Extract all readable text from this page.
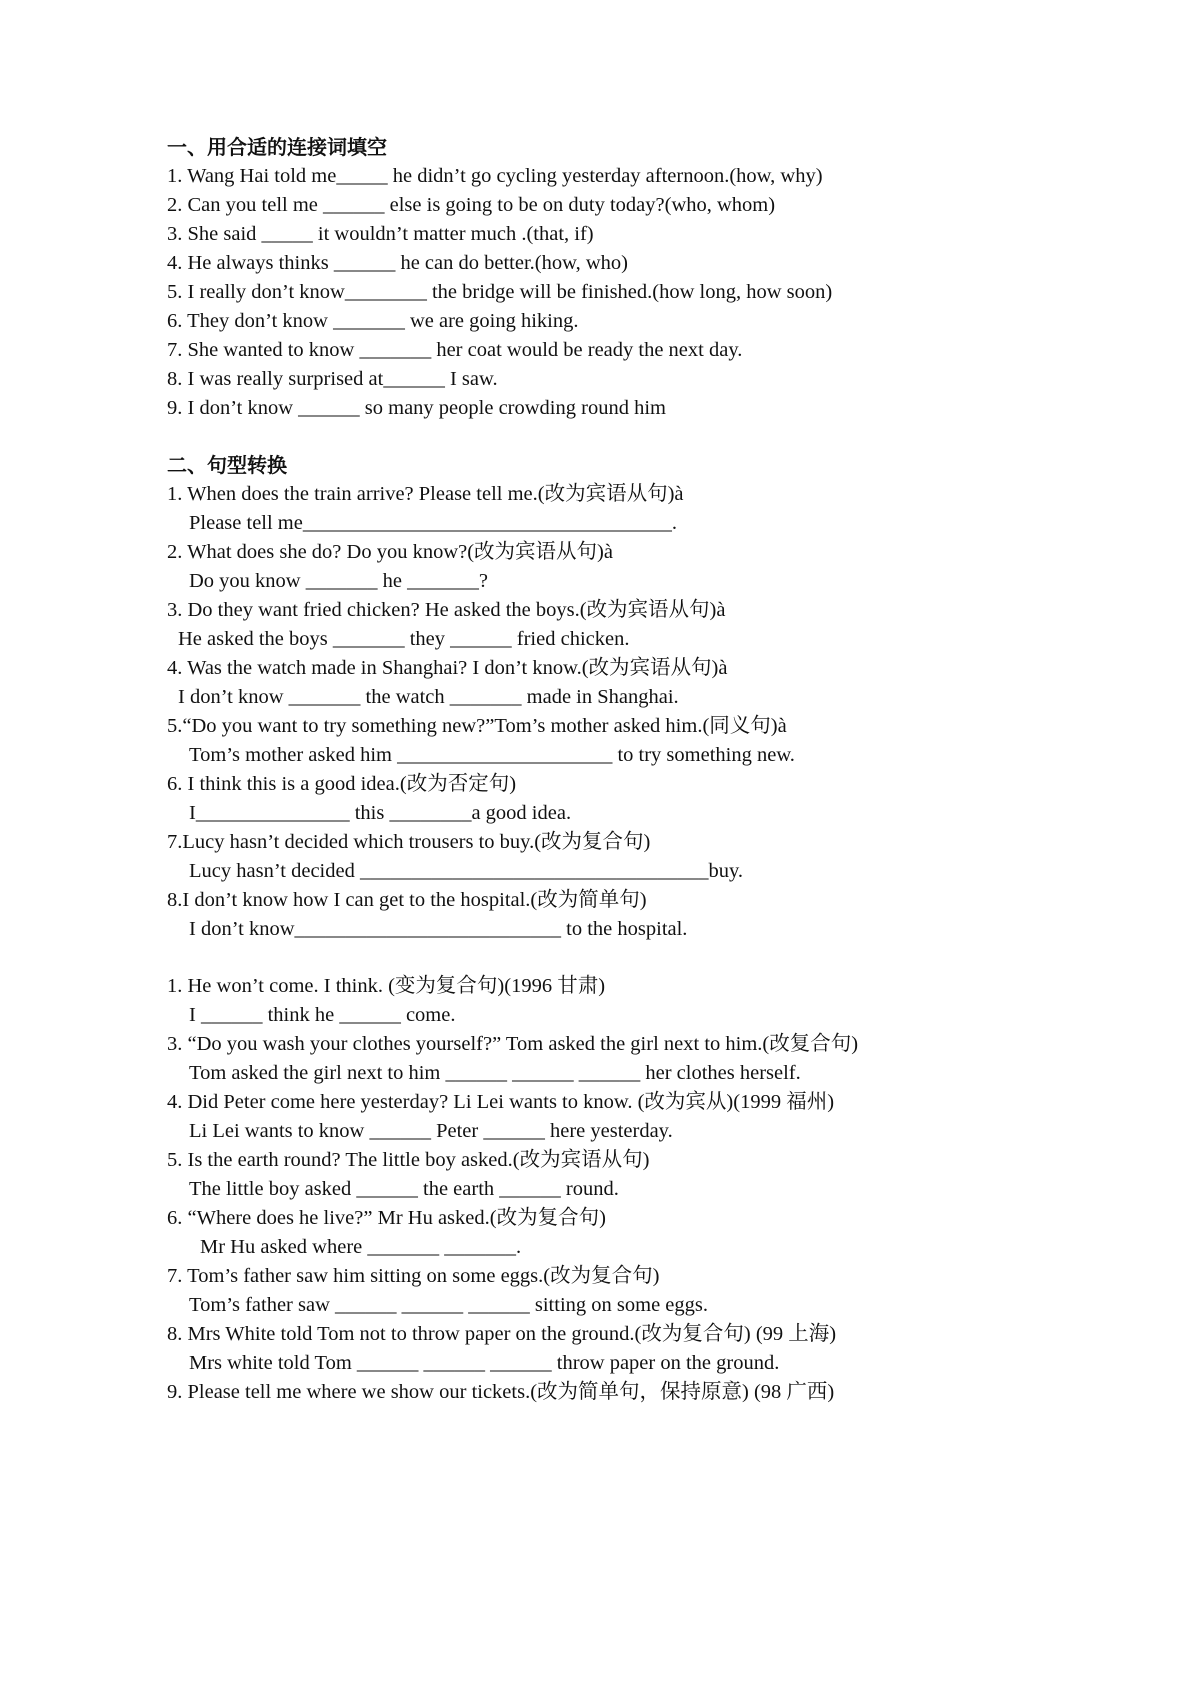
一、用合适的连接词填空
1. Wang Hai told me_____ he didn’t go cycling yesterday afternoon.(how, why)
2. Can you tell me ______ else is going to be on duty today?(who, whom)
3. She said _____ it wouldn’t matter much .(that, if)
4. He always thinks ______ he can do better.(how, who)
5. I really don’t know________ the bridge will be finished.(how long, how soon)
6. They don’t know _______ we are going hiking.
7. She wanted to know _______ her coat would be ready the next day.
8. I was really surprised at______ I saw.
9. I don’t know ______ so many people crowding round him
二、句型转换
1. When does the train arrive? Please tell me.(改为宾语从句)à
Please tell me____________________________________.
2. What does she do? Do you know?(改为宾语从句)à
Do you know _______ he _______?
3. Do they want fried chicken? He asked the boys.(改为宾语从句)à
He asked the boys _______ they ______ fried chicken.
4. Was the watch made in Shanghai? I don’t know.(改为宾语从句)à
I don’t know _______ the watch _______ made in Shanghai.
5.“Do you want to try something new?”Tom’s mother asked him.(同义句)à
Tom’s mother asked him _____________________ to try something new.
6. I think this is a good idea.(改为否定句)
I_______________ this ________a good idea.
7.Lucy hasn’t decided which trousers to buy.(改为复合句)
Lucy hasn’t decided __________________________________buy.
8.I don’t know how I can get to the hospital.(改为简单句)
I don’t know__________________________ to the hospital.
1. He won’t come. I think. (变为复合句)(1996 甘肃)
I ______ think he ______ come.
3. “Do you wash your clothes yourself?” Tom asked the girl next to him.(改复合句)
Tom asked the girl next to him ______ ______ ______ her clothes herself.
4. Did Peter come here yesterday? Li Lei wants to know. (改为宾从)(1999 福州)
Li Lei wants to know ______ Peter ______ here yesterday.
5. Is the earth round? The little boy asked.(改为宾语从句)
The little boy asked ______ the earth ______ round.
6. “Where does he live?” Mr Hu asked.(改为复合句)
Mr Hu asked where _______ _______.
7. Tom’s father saw him sitting on some eggs.(改为复合句)
Tom’s father saw ______ ______ ______ sitting on some eggs.
8. Mrs White told Tom not to throw paper on the ground.(改为复合句) (99 上海)
Mrs white told Tom ______ ______ ______ throw paper on the ground.
9. Please tell me where we show our tickets.(改为简单句，保持原意) (98 广西)
